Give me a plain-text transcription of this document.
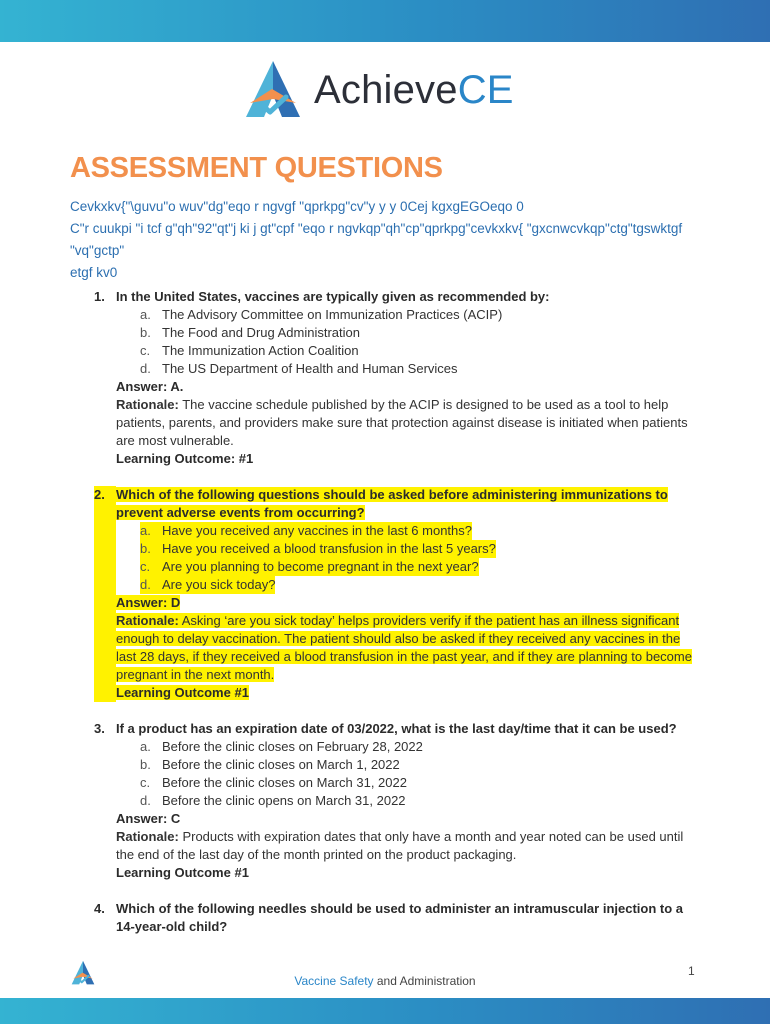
AchieveCE
ASSESSMENT QUESTIONS
Cevkxkv{"\guvu"o wuv"dg"eqo r ngvgf "qprkpg"cv"y y y 0Cej kgxgEGOeqo 0
C"r cuukpi "i tcf g"qh"92"qt"j ki j gt"cpf "eqo r ngvkqp"qh"cp"qprkpg"cevkxkv{ "gxcnwcvkqp"ctg"tgswktgf "vq"gctp"
etgf kv0
1. In the United States, vaccines are typically given as recommended by:
a. The Advisory Committee on Immunization Practices (ACIP)
b. The Food and Drug Administration
c. The Immunization Action Coalition
d. The US Department of Health and Human Services
Answer: A.
Rationale: The vaccine schedule published by the ACIP is designed to be used as a tool to help patients, parents, and providers make sure that protection against disease is initiated when patients are most vulnerable.
Learning Outcome: #1
2. Which of the following questions should be asked before administering immunizations to prevent adverse events from occurring?
a. Have you received any vaccines in the last 6 months?
b. Have you received a blood transfusion in the last 5 years?
c. Are you planning to become pregnant in the next year?
d. Are you sick today?
Answer: D
Rationale: Asking ‘are you sick today’ helps providers verify if the patient has an illness significant enough to delay vaccination. The patient should also be asked if they received any vaccines in the last 28 days, if they received a blood transfusion in the past year, and if they are planning to become pregnant in the next month.
Learning Outcome #1
3. If a product has an expiration date of 03/2022, what is the last day/time that it can be used?
a. Before the clinic closes on February 28, 2022
b. Before the clinic closes on March 1, 2022
c. Before the clinic closes on March 31, 2022
d. Before the clinic opens on March 31, 2022
Answer: C
Rationale: Products with expiration dates that only have a month and year noted can be used until the end of the last day of the month printed on the product packaging.
Learning Outcome #1
4. Which of the following needles should be used to administer an intramuscular injection to a 14-year-old child?
Vaccine Safety and Administration
1
